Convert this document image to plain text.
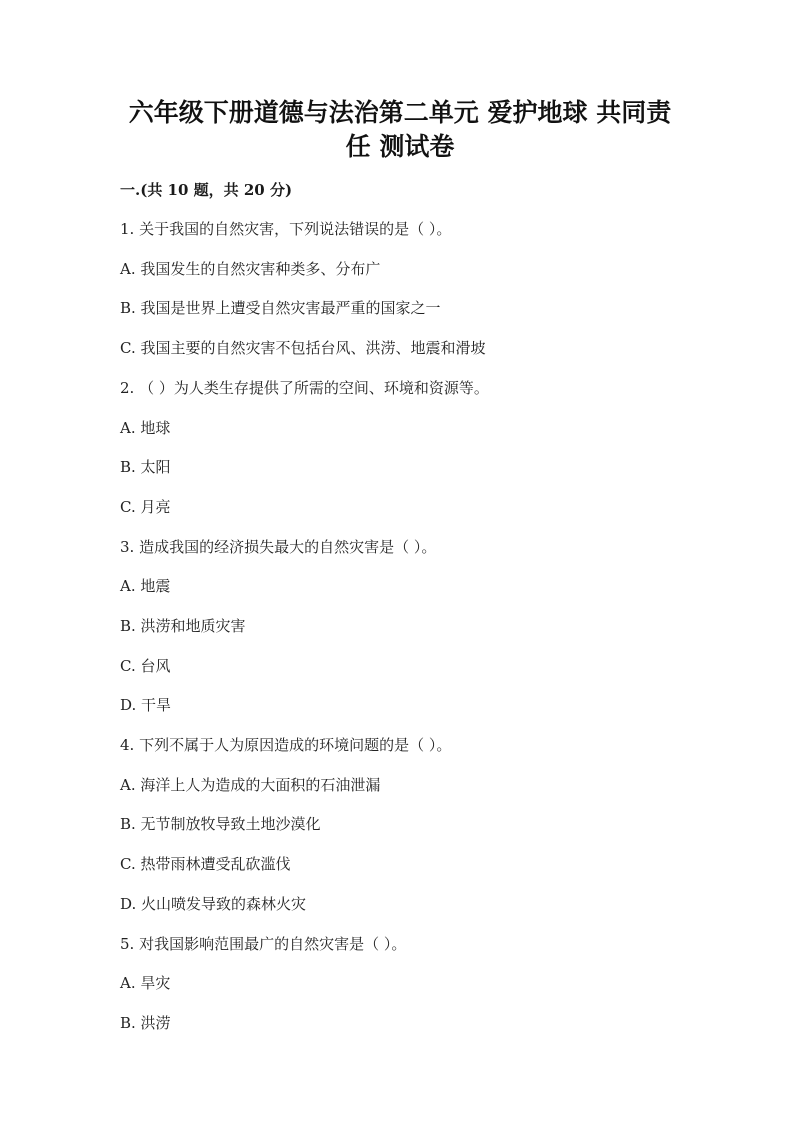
六年级下册道德与法治第二单元 爱护地球 共同责
任 测试卷
一.(共 10 题，共 20 分)
1. 关于我国的自然灾害，下列说法错误的是（ ）。
A. 我国发生的自然灾害种类多、分布广
B. 我国是世界上遭受自然灾害最严重的国家之一
C. 我国主要的自然灾害不包括台风、洪涝、地震和滑坡
2. （ ）为人类生存提供了所需的空间、环境和资源等。
A. 地球
B. 太阳
C. 月亮
3. 造成我国的经济损失最大的自然灾害是（ ）。
A. 地震
B. 洪涝和地质灾害
C. 台风
D. 干旱
4. 下列不属于人为原因造成的环境问题的是（ ）。
A. 海洋上人为造成的大面积的石油泄漏
B. 无节制放牧导致土地沙漠化
C. 热带雨林遭受乱砍滥伐
D. 火山喷发导致的森林火灾
5. 对我国影响范围最广的自然灾害是（ ）。
A. 旱灾
B. 洪涝
